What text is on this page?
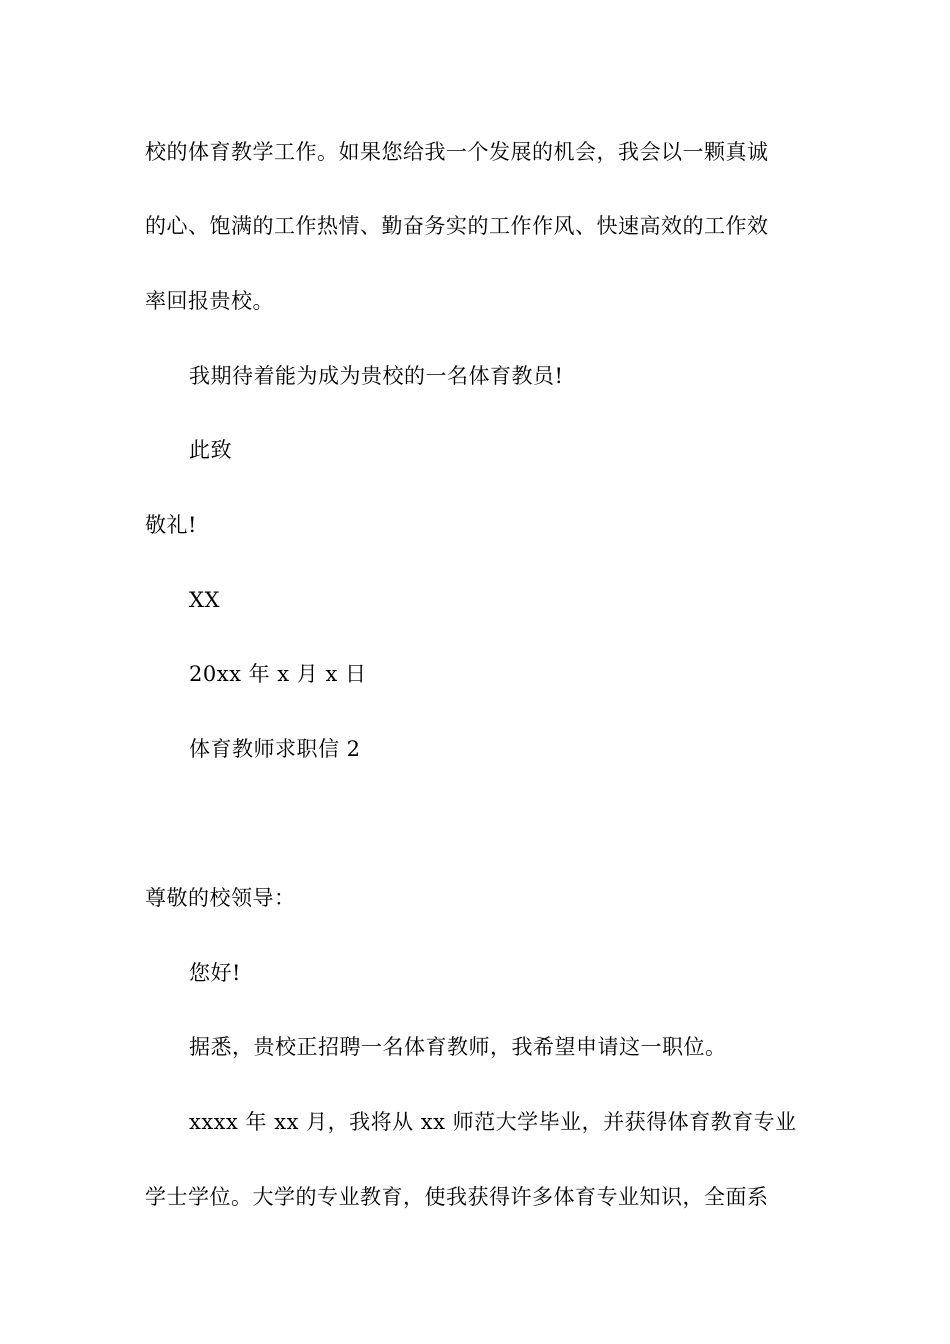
校的体育教学工作。如果您给我一个发展的机会，我会以一颗真诚
的心、饱满的工作热情、勤奋务实的工作作风、快速高效的工作效
率回报贵校。
我期待着能为成为贵校的一名体育教员!
此致
敬礼!
XX
20xx 年 x 月 x 日
体育教师求职信 2
尊敬的校领导：
您好!
据悉，贵校正招聘一名体育教师，我希望申请这一职位。
xxxx 年 xx 月，我将从 xx 师范大学毕业，并获得体育教育专业
学士学位。大学的专业教育，使我获得许多体育专业知识，全面系
